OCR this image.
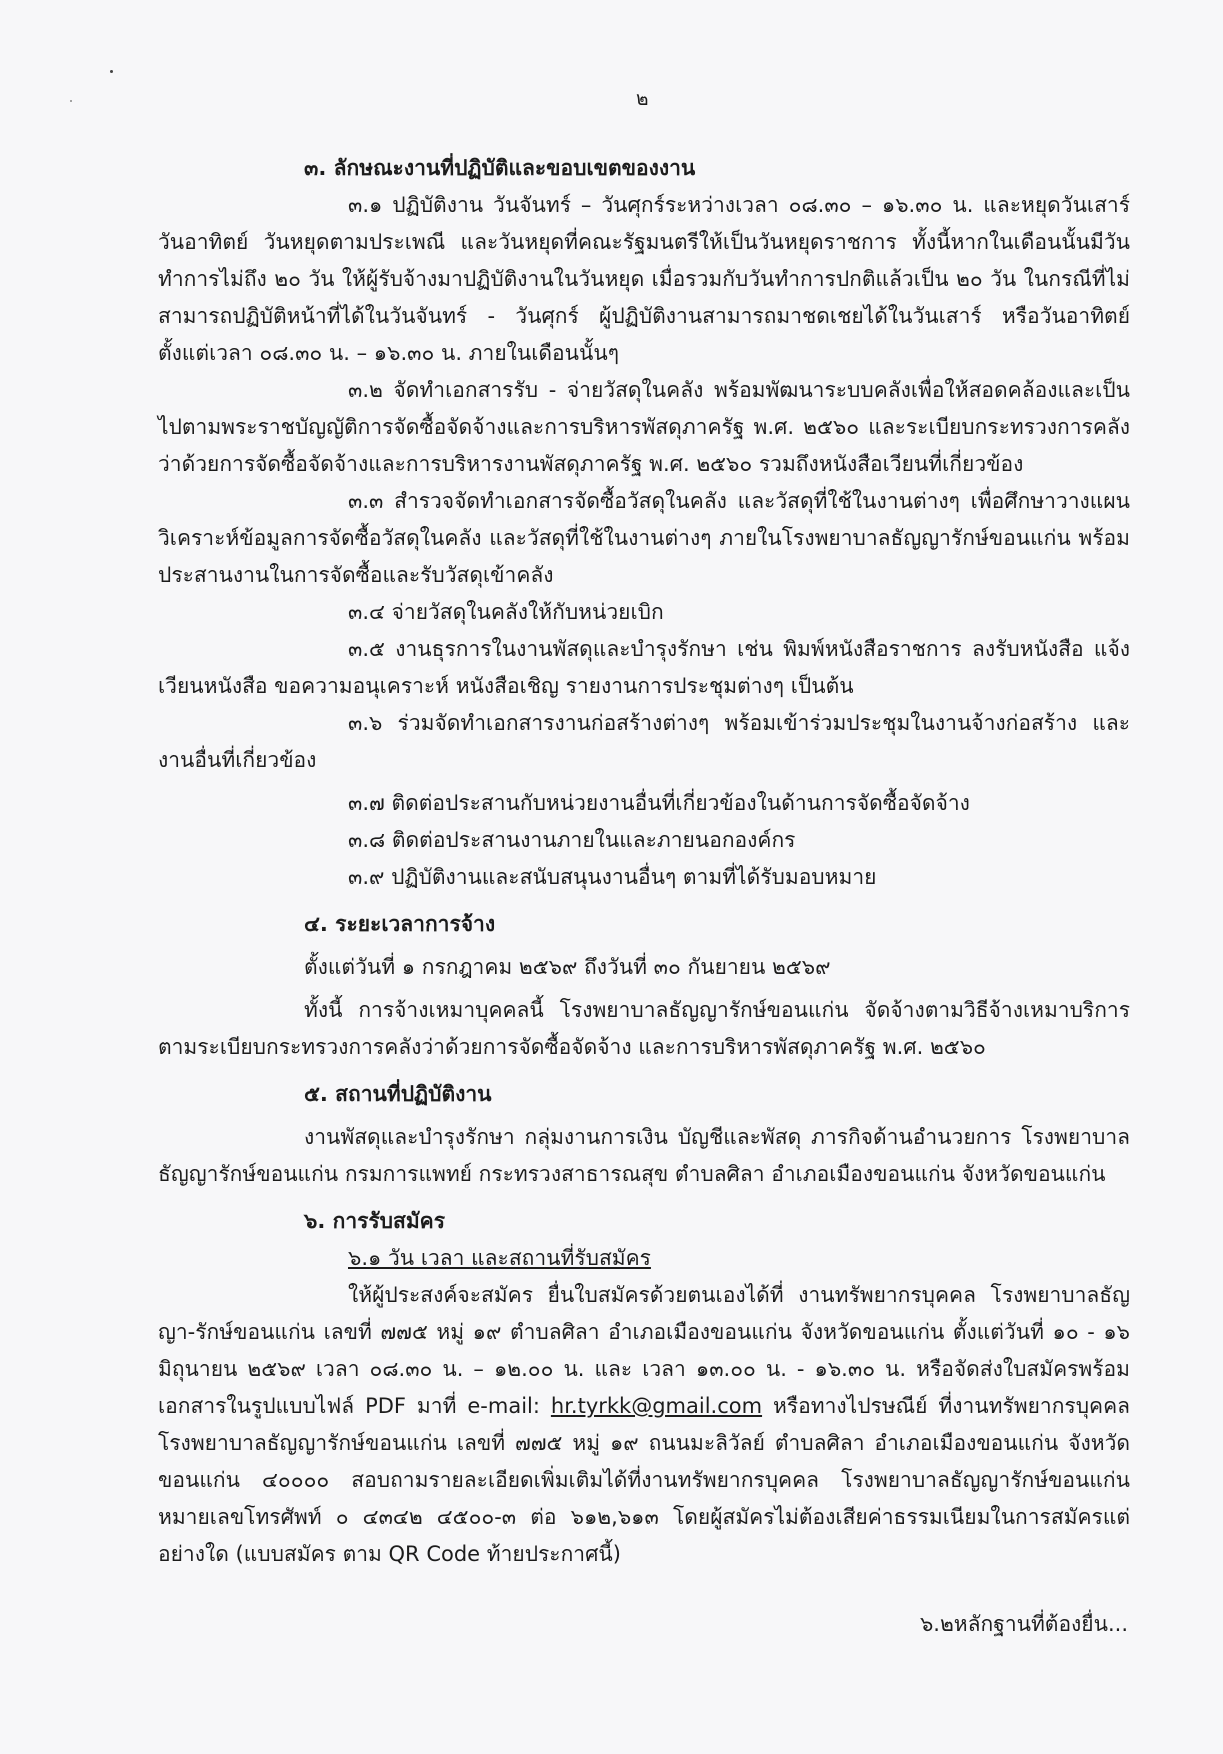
๒

๓. ลักษณะงานที่ปฏิบัติและขอบเขตของงาน

๓.๑ ปฏิบัติงาน วันจันทร์ – วันศุกร์ระหว่างเวลา ๐๘.๓๐ – ๑๖.๓๐ น. และหยุดวันเสาร์ วันอาทิตย์ วันหยุดตามประเพณี และวันหยุดที่คณะรัฐมนตรีให้เป็นวันหยุดราชการ ทั้งนี้หากในเดือนนั้นมีวันทำการไม่ถึง ๒๐ วัน ให้ผู้รับจ้างมาปฏิบัติงานในวันหยุด เมื่อรวมกับวันทำการปกติแล้วเป็น ๒๐ วัน ในกรณีที่ไม่สามารถปฏิบัติหน้าที่ได้ในวันจันทร์ - วันศุกร์ ผู้ปฏิบัติงานสามารถมาชดเชยได้ในวันเสาร์ หรือวันอาทิตย์ ตั้งแต่เวลา ๐๘.๓๐ น. – ๑๖.๓๐ น. ภายในเดือนนั้นๆ

๓.๒ จัดทำเอกสารรับ - จ่ายวัสดุในคลัง พร้อมพัฒนาระบบคลังเพื่อให้สอดคล้องและเป็นไปตามพระราชบัญญัติการจัดซื้อจัดจ้างและการบริหารพัสดุภาครัฐ พ.ศ. ๒๕๖๐ และระเบียบกระทรวงการคลังว่าด้วยการจัดซื้อจัดจ้างและการบริหารงานพัสดุภาครัฐ พ.ศ. ๒๕๖๐ รวมถึงหนังสือเวียนที่เกี่ยวข้อง

๓.๓ สำรวจจัดทำเอกสารจัดซื้อวัสดุในคลัง และวัสดุที่ใช้ในงานต่างๆ เพื่อศึกษาวางแผน วิเคราะห์ข้อมูลการจัดซื้อวัสดุในคลัง และวัสดุที่ใช้ในงานต่างๆ ภายในโรงพยาบาลธัญญารักษ์ขอนแก่น พร้อมประสานงานในการจัดซื้อและรับวัสดุเข้าคลัง

๓.๔ จ่ายวัสดุในคลังให้กับหน่วยเบิก

๓.๕ งานธุรการในงานพัสดุและบำรุงรักษา เช่น พิมพ์หนังสือราชการ ลงรับหนังสือ แจ้งเวียนหนังสือ ขอความอนุเคราะห์ หนังสือเชิญ รายงานการประชุมต่างๆ เป็นต้น

๓.๖ ร่วมจัดทำเอกสารงานก่อสร้างต่างๆ พร้อมเข้าร่วมประชุมในงานจ้างก่อสร้าง และงานอื่นที่เกี่ยวข้อง

๓.๗ ติดต่อประสานกับหน่วยงานอื่นที่เกี่ยวข้องในด้านการจัดซื้อจัดจ้าง

๓.๘ ติดต่อประสานงานภายในและภายนอกองค์กร

๓.๙ ปฏิบัติงานและสนับสนุนงานอื่นๆ ตามที่ได้รับมอบหมาย

๔. ระยะเวลาการจ้าง

ตั้งแต่วันที่ ๑ กรกฎาคม ๒๕๖๙ ถึงวันที่ ๓๐ กันยายน ๒๕๖๙

ทั้งนี้ การจ้างเหมาบุคคลนี้ โรงพยาบาลธัญญารักษ์ขอนแก่น จัดจ้างตามวิธีจ้างเหมาบริการ ตามระเบียบกระทรวงการคลังว่าด้วยการจัดซื้อจัดจ้าง และการบริหารพัสดุภาครัฐ พ.ศ. ๒๕๖๐

๕. สถานที่ปฏิบัติงาน

งานพัสดุและบำรุงรักษา กลุ่มงานการเงิน บัญชีและพัสดุ ภารกิจด้านอำนวยการ โรงพยาบาลธัญญารักษ์ขอนแก่น กรมการแพทย์ กระทรวงสาธารณสุข ตำบลศิลา อำเภอเมืองขอนแก่น จังหวัดขอนแก่น

๖. การรับสมัคร

๖.๑ วัน เวลา และสถานที่รับสมัคร

ให้ผู้ประสงค์จะสมัคร ยื่นใบสมัครด้วยตนเองได้ที่ งานทรัพยากรบุคคล โรงพยาบาลธัญญา-รักษ์ขอนแก่น เลขที่ ๗๗๕ หมู่ ๑๙ ตำบลศิลา อำเภอเมืองขอนแก่น จังหวัดขอนแก่น ตั้งแต่วันที่ ๑๐ - ๑๖ มิถุนายน ๒๕๖๙ เวลา ๐๘.๓๐ น. – ๑๒.๐๐ น. และ เวลา ๑๓.๐๐ น. - ๑๖.๓๐ น. หรือจัดส่งใบสมัครพร้อมเอกสารในรูปแบบไฟล์ PDF มาที่ e-mail: hr.tyrkk@gmail.com หรือทางไปรษณีย์ ที่งานทรัพยากรบุคคล โรงพยาบาลธัญญารักษ์ขอนแก่น เลขที่ ๗๗๕ หมู่ ๑๙ ถนนมะลิวัลย์ ตำบลศิลา อำเภอเมืองขอนแก่น จังหวัดขอนแก่น ๔๐๐๐๐ สอบถามรายละเอียดเพิ่มเติมได้ที่งานทรัพยากรบุคคล โรงพยาบาลธัญญารักษ์ขอนแก่น หมายเลขโทรศัพท์ ๐ ๔๓๔๒ ๔๕๐๐-๓ ต่อ ๖๑๒,๖๑๓ โดยผู้สมัครไม่ต้องเสียค่าธรรมเนียมในการสมัครแต่อย่างใด (แบบสมัคร ตาม QR Code ท้ายประกาศนี้)

๖.๒หลักฐานที่ต้องยื่น...
